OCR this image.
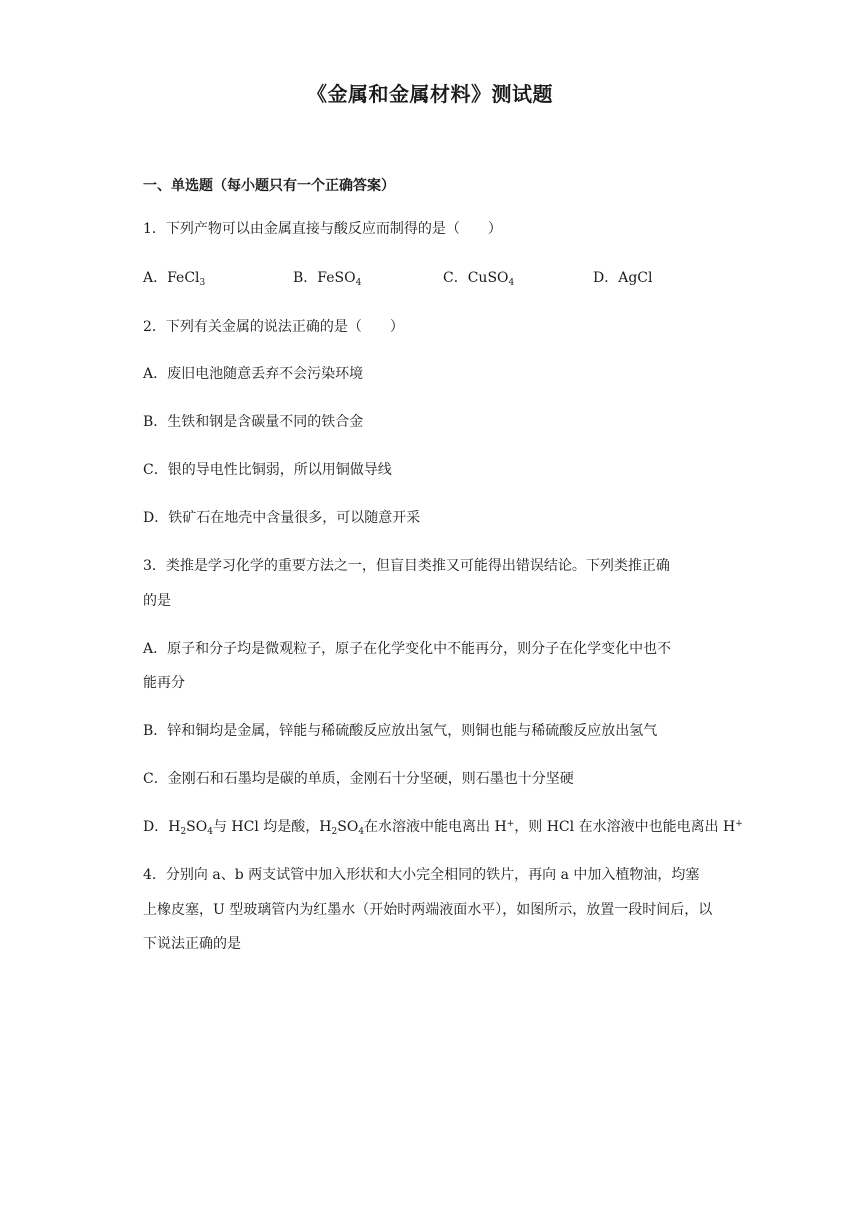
《金属和金属材料》测试题
一、单选题（每小题只有一个正确答案）
1．下列产物可以由金属直接与酸反应而制得的是（　　）
A．FeCl$_3$	B．FeSO$_4$	C．CuSO$_4$	D．AgCl
2．下列有关金属的说法正确的是（　　）
A．废旧电池随意丢弃不会污染环境
B．生铁和钢是含碳量不同的铁合金
C．银的导电性比铜弱，所以用铜做导线
D．铁矿石在地壳中含量很多，可以随意开采
3．类推是学习化学的重要方法之一，但盲目类推又可能得出错误结论。下列类推正确
的是
A．原子和分子均是微观粒子，原子在化学变化中不能再分，则分子在化学变化中也不
能再分
B．锌和铜均是金属，锌能与稀硫酸反应放出氢气，则铜也能与稀硫酸反应放出氢气
C．金刚石和石墨均是碳的单质，金刚石十分坚硬，则石墨也十分坚硬
D．$H_2SO_4$与 HCl 均是酸，$H_2SO_4$在水溶液中能电离出 H+，则 HCl 在水溶液中也能电离出 H+
4．分别向 a、b 两支试管中加入形状和大小完全相同的铁片，再向 a 中加入植物油，均塞
上橡皮塞，U 型玻璃管内为红墨水（开始时两端液面水平），如图所示，放置一段时间后，以
下说法正确的是
